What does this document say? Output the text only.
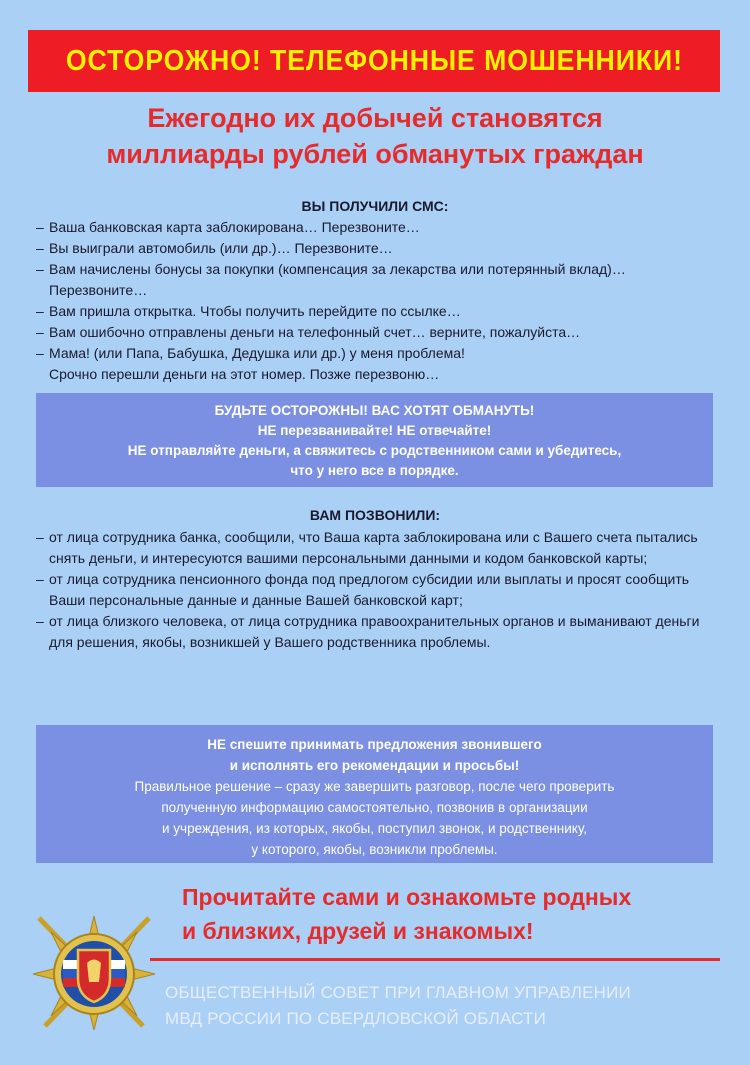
ОСТОРОЖНО! ТЕЛЕФОННЫЕ МОШЕННИКИ!
Ежегодно их добычей становятся
миллиарды рублей обманутых граждан
ВЫ ПОЛУЧИЛИ СМС:
– Ваша банковская карта заблокирована… Перезвоните…
– Вы выиграли автомобиль (или др.)… Перезвоните…
– Вам начислены бонусы за покупки (компенсация за лекарства или потерянный вклад)… Перезвоните…
– Вам пришла открытка. Чтобы получить перейдите по ссылке…
– Вам ошибочно отправлены деньги на телефонный счет… верните, пожалуйста…
– Мама! (или Папа, Бабушка, Дедушка или др.) у меня проблема!
Срочно перешли деньги на этот номер. Позже перезвоню…
БУДЬТЕ ОСТОРОЖНЫ! ВАС ХОТЯТ ОБМАНУТЬ!
НЕ перезванивайте! НЕ отвечайте!
НЕ отправляйте деньги, а свяжитесь с родственником сами и убедитесь,
что у него все в порядке.
ВАМ ПОЗВОНИЛИ:
– от лица сотрудника банка, сообщили, что Ваша карта заблокирована или с Вашего счета пытались снять деньги, и интересуются вашими персональными данными и кодом банковской карты;
– от лица сотрудника пенсионного фонда под предлогом субсидии или выплаты и просят сообщить Ваши персональные данные и данные Вашей банковской карт;
– от лица близкого человека, от лица сотрудника правоохранительных органов и выманивают деньги для решения, якобы, возникшей у Вашего родственника проблемы.
НЕ спешите принимать предложения звонившего
и исполнять его рекомендации и просьбы!
Правильное решение – сразу же завершить разговор, после чего проверить
полученную информацию самостоятельно, позвонив в организации
и учреждения, из которых, якобы, поступил звонок, и родственнику,
у которого, якобы, возникли проблемы.
Прочитайте сами и ознакомьте родных
и близких, друзей и знакомых!
ОБЩЕСТВЕННЫЙ СОВЕТ ПРИ ГЛАВНОМ УПРАВЛЕНИИ
МВД РОССИИ ПО СВЕРДЛОВСКОЙ ОБЛАСТИ
